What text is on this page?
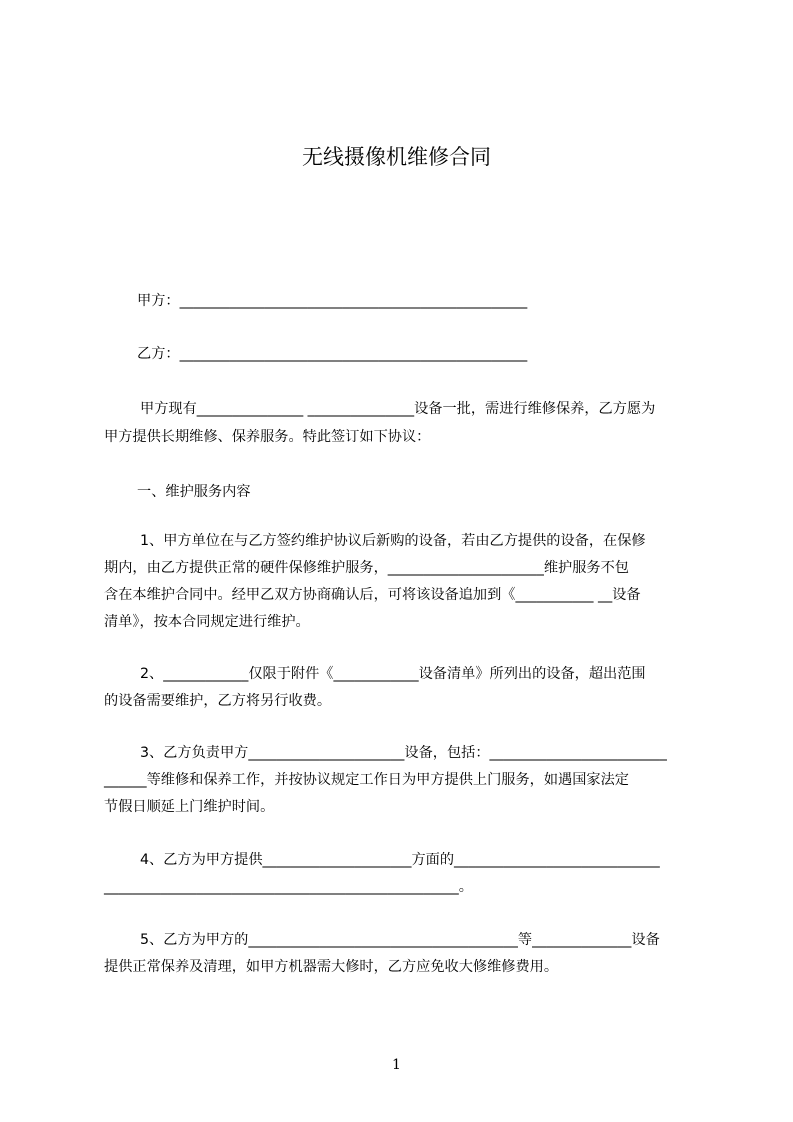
无线摄像机维修合同
甲方：_________________________________________________
乙方：_________________________________________________
甲方现有_______________ _______________设备一批，需进行维修保养，乙方愿为
甲方提供长期维修、保养服务。特此签订如下协议：
一、维护服务内容
1、甲方单位在与乙方签约维护协议后新购的设备，若由乙方提供的设备，在保修
期内，由乙方提供正常的硬件保修维护服务，______________________维护服务不包
含在本维护合同中。经甲乙双方协商确认后，可将该设备追加到《___________ __设备
清单》，按本合同规定进行维护。
2、____________仅限于附件《____________设备清单》所列出的设备，超出范围
的设备需要维护，乙方将另行收费。
3、乙方负责甲方______________________设备，包括：_________________________
______等维修和保养工作，并按协议规定工作日为甲方提供上门服务，如遇国家法定
节假日顺延上门维护时间。
4、乙方为甲方提供_____________________方面的_____________________________
__________________________________________________。
5、乙方为甲方的______________________________________等______________设备
提供正常保养及清理，如甲方机器需大修时，乙方应免收大修维修费用。
1
